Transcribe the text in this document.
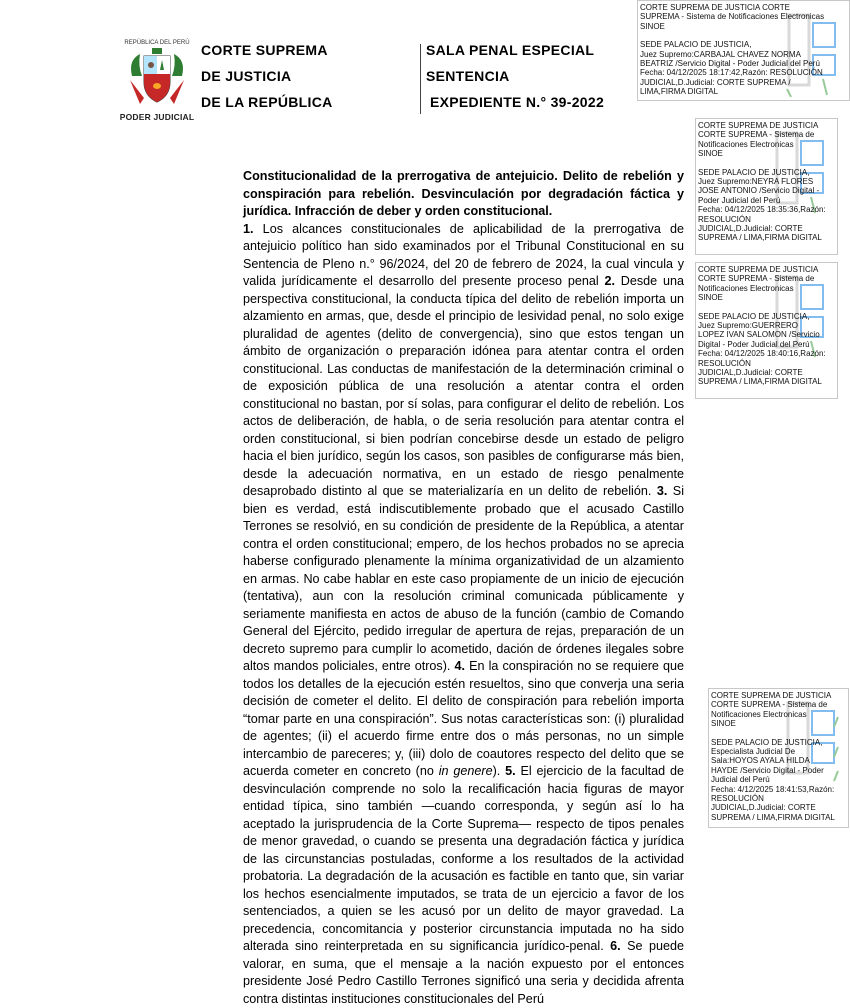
REPÚBLICA DEL PERÚ
PODER JUDICIAL
CORTE SUPREMA
DE JUSTICIA
DE LA REPÚBLICA
SALA PENAL ESPECIAL
SENTENCIA
EXPEDIENTE N.° 39-2022
CORTE SUPREMA DE JUSTICIA CORTE
SUPREMA - Sistema de Notificaciones Electronicas
SINOE
SEDE PALACIO DE JUSTICIA,
Juez Supremo:CARBAJAL CHAVEZ NORMA
BEATRIZ /Servicio Digital - Poder Judicial del Perú
Fecha: 04/12/2025 18:17:42,Razón: RESOLUCIÓN
JUDICIAL,D.Judicial: CORTE SUPREMA /
LIMA,FIRMA DIGITAL
CORTE SUPREMA DE JUSTICIA
CORTE SUPREMA - Sistema de
Notificaciones Electronicas
SINOE
SEDE PALACIO DE JUSTICIA,
Juez Supremo:NEYRA FLORES
JOSE ANTONIO /Servicio Digital -
Poder Judicial del Perú
Fecha: 04/12/2025 18:35:36,Razón:
RESOLUCIÓN
JUDICIAL,D.Judicial: CORTE
SUPREMA / LIMA,FIRMA DIGITAL
CORTE SUPREMA DE JUSTICIA
CORTE SUPREMA - Sistema de
Notificaciones Electronicas
SINOE
SEDE PALACIO DE JUSTICIA,
Juez Supremo:GUERRERO
LOPEZ IVAN SALOMON /Servicio
Digital - Poder Judicial del Perú
Fecha: 04/12/2025 18:40:16,Razón:
RESOLUCIÓN
JUDICIAL,D.Judicial: CORTE
SUPREMA / LIMA,FIRMA DIGITAL
CORTE SUPREMA DE JUSTICIA
CORTE SUPREMA - Sistema de
Notificaciones Electronicas
SINOE
SEDE PALACIO DE JUSTICIA,
Especialista Judicial De
Sala:HOYOS AYALA HILDA
HAYDE /Servicio Digital - Poder
Judicial del Perú
Fecha: 4/12/2025 18:41:53,Razón:
RESOLUCIÓN
JUDICIAL,D.Judicial: CORTE
SUPREMA / LIMA,FIRMA DIGITAL
Constitucionalidad de la prerrogativa de antejuicio. Delito de rebelión y conspiración para rebelión. Desvinculación por degradación fáctica y jurídica. Infracción de deber y orden constitucional.
1. Los alcances constitucionales de aplicabilidad de la prerrogativa de antejuicio político han sido examinados por el Tribunal Constitucional en su Sentencia de Pleno n.° 96/2024, del 20 de febrero de 2024, la cual vincula y valida jurídicamente el desarrollo del presente proceso penal 2. Desde una perspectiva constitucional, la conducta típica del delito de rebelión importa un alzamiento en armas, que, desde el principio de lesividad penal, no solo exige pluralidad de agentes (delito de convergencia), sino que estos tengan un ámbito de organización o preparación idónea para atentar contra el orden constitucional. Las conductas de manifestación de la determinación criminal o de exposición pública de una resolución a atentar contra el orden constitucional no bastan, por sí solas, para configurar el delito de rebelión. Los actos de deliberación, de habla, o de seria resolución para atentar contra el orden constitucional, si bien podrían concebirse desde un estado de peligro hacia el bien jurídico, según los casos, son pasibles de configurarse más bien, desde la adecuación normativa, en un estado de riesgo penalmente desaprobado distinto al que se materializaría en un delito de rebelión. 3. Si bien es verdad, está indiscutiblemente probado que el acusado Castillo Terrones se resolvió, en su condición de presidente de la República, a atentar contra el orden constitucional; empero, de los hechos probados no se aprecia haberse configurado plenamente la mínima organizatividad de un alzamiento en armas. No cabe hablar en este caso propiamente de un inicio de ejecución (tentativa), aun con la resolución criminal comunicada públicamente y seriamente manifiesta en actos de abuso de la función (cambio de Comando General del Ejército, pedido irregular de apertura de rejas, preparación de un decreto supremo para cumplir lo acometido, dación de órdenes ilegales sobre altos mandos policiales, entre otros). 4. En la conspiración no se requiere que todos los detalles de la ejecución estén resueltos, sino que converja una seria decisión de cometer el delito. El delito de conspiración para rebelión importa “tomar parte en una conspiración”. Sus notas características son: (i) pluralidad de agentes; (ii) el acuerdo firme entre dos o más personas, no un simple intercambio de pareceres; y, (iii) dolo de coautores respecto del delito que se acuerda cometer en concreto (no in genere). 5. El ejercicio de la facultad de desvinculación comprende no solo la recalificación hacia figuras de mayor entidad típica, sino también —cuando corresponda, y según así lo ha aceptado la jurisprudencia de la Corte Suprema— respecto de tipos penales de menor gravedad, o cuando se presenta una degradación fáctica y jurídica de las circunstancias postuladas, conforme a los resultados de la actividad probatoria. La degradación de la acusación es factible en tanto que, sin variar los hechos esencialmente imputados, se trata de un ejercicio a favor de los sentenciados, a quien se les acusó por un delito de mayor gravedad. La precedencia, concomitancia y posterior circunstancia imputada no ha sido alterada sino reinterpretada en su significancia jurídico-penal. 6. Se puede valorar, en suma, que el mensaje a la nación expuesto por el entonces presidente José Pedro Castillo Terrones significó una seria y decidida afrenta contra distintas instituciones constitucionales del Perú
